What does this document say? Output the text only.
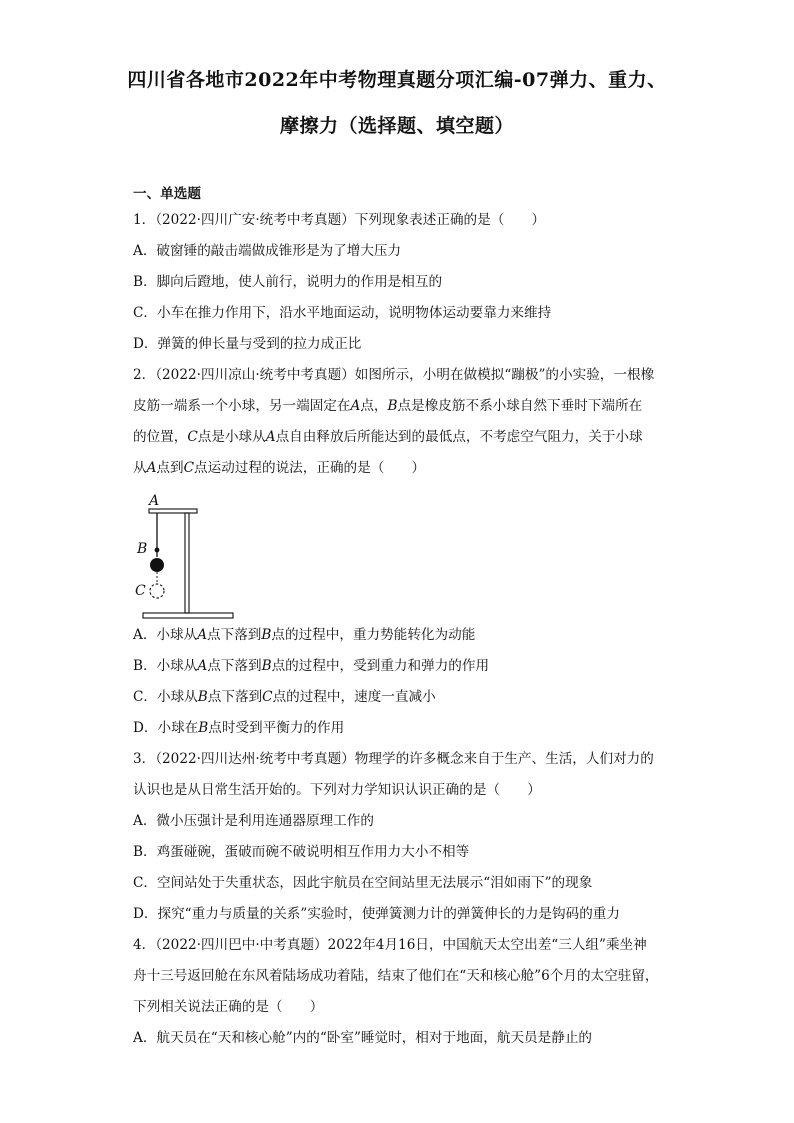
四川省各地市2022年中考物理真题分项汇编-07弹力、重力、
摩擦力（选择题、填空题）
一、单选题
1．（2022·四川广安·统考中考真题）下列现象表述正确的是（　　）
A．破窗锤的敲击端做成锥形是为了增大压力
B．脚向后蹬地，使人前行，说明力的作用是相互的
C．小车在推力作用下，沿水平地面运动，说明物体运动要靠力来维持
D．弹簧的伸长量与受到的拉力成正比
2．（2022·四川凉山·统考中考真题）如图所示，小明在做模拟“蹦极”的小实验，一根橡
皮筋一端系一个小球，另一端固定在A点，B点是橡皮筋不系小球自然下垂时下端所在
的位置，C点是小球从A点自由释放后所能达到的最低点，不考虑空气阻力，关于小球
从A点到C点运动过程的说法，正确的是（　　）
A
B
C
A．小球从A点下落到B点的过程中，重力势能转化为动能
B．小球从A点下落到B点的过程中，受到重力和弹力的作用
C．小球从B点下落到C点的过程中，速度一直减小
D．小球在B点时受到平衡力的作用
3．（2022·四川达州·统考中考真题）物理学的许多概念来自于生产、生活，人们对力的
认识也是从日常生活开始的。下列对力学知识认识正确的是（　　）
A．微小压强计是利用连通器原理工作的
B．鸡蛋碰碗，蛋破而碗不破说明相互作用力大小不相等
C．空间站处于失重状态，因此宇航员在空间站里无法展示“泪如雨下”的现象
D．探究“重力与质量的关系”实验时，使弹簧测力计的弹簧伸长的力是钩码的重力
4．（2022·四川巴中·中考真题）2022年4月16日，中国航天太空出差“三人组”乘坐神
舟十三号返回舱在东风着陆场成功着陆，结束了他们在“天和核心舱”6个月的太空驻留，
下列相关说法正确的是（　　）
A．航天员在“天和核心舱”内的“卧室”睡觉时，相对于地面，航天员是静止的
